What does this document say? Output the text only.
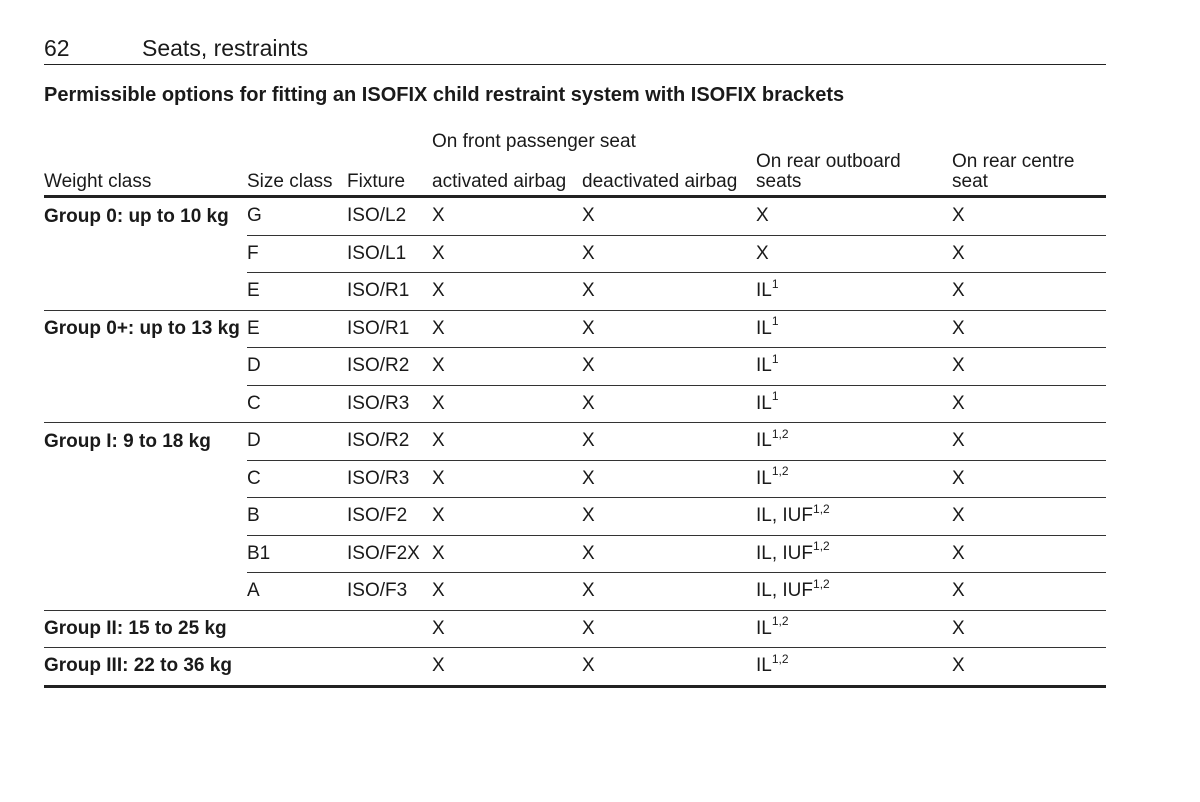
62	Seats, restraints
Permissible options for fitting an ISOFIX child restraint system with ISOFIX brackets
			On front passenger seat			
Weight class	Size class	Fixture	activated airbag	deactivated airbag	On rear outboard
seats	On rear centre
seat
Group 0: up to 10 kg	G	ISO/L2	X	X	X	X
	F	ISO/L1	X	X	X	X
	E	ISO/R1	X	X	$IL^1$	X
Group 0+: up to 13 kg	E	ISO/R1	X	X	$IL^1$	X
	D	ISO/R2	X	X	$IL^1$	X
	C	ISO/R3	X	X	$IL^1$	X
Group I: 9 to 18 kg	D	ISO/R2	X	X	IL$^{1,2}$	X
	C	ISO/R3	X	X	IL$^{1,2}$	X
	B	ISO/F2	X	X	IL, IUF$^{1,2}$	X
	B1	ISO/F2X	X	X	IL, IUF$^{1,2}$	X
	A	ISO/F3	X	X	IL, IUF$^{1,2}$	X
Group II: 15 to 25 kg			X	X	IL$^{1,2}$	X
Group III: 22 to 36 kg			X	X	IL$^{1,2}$	X
